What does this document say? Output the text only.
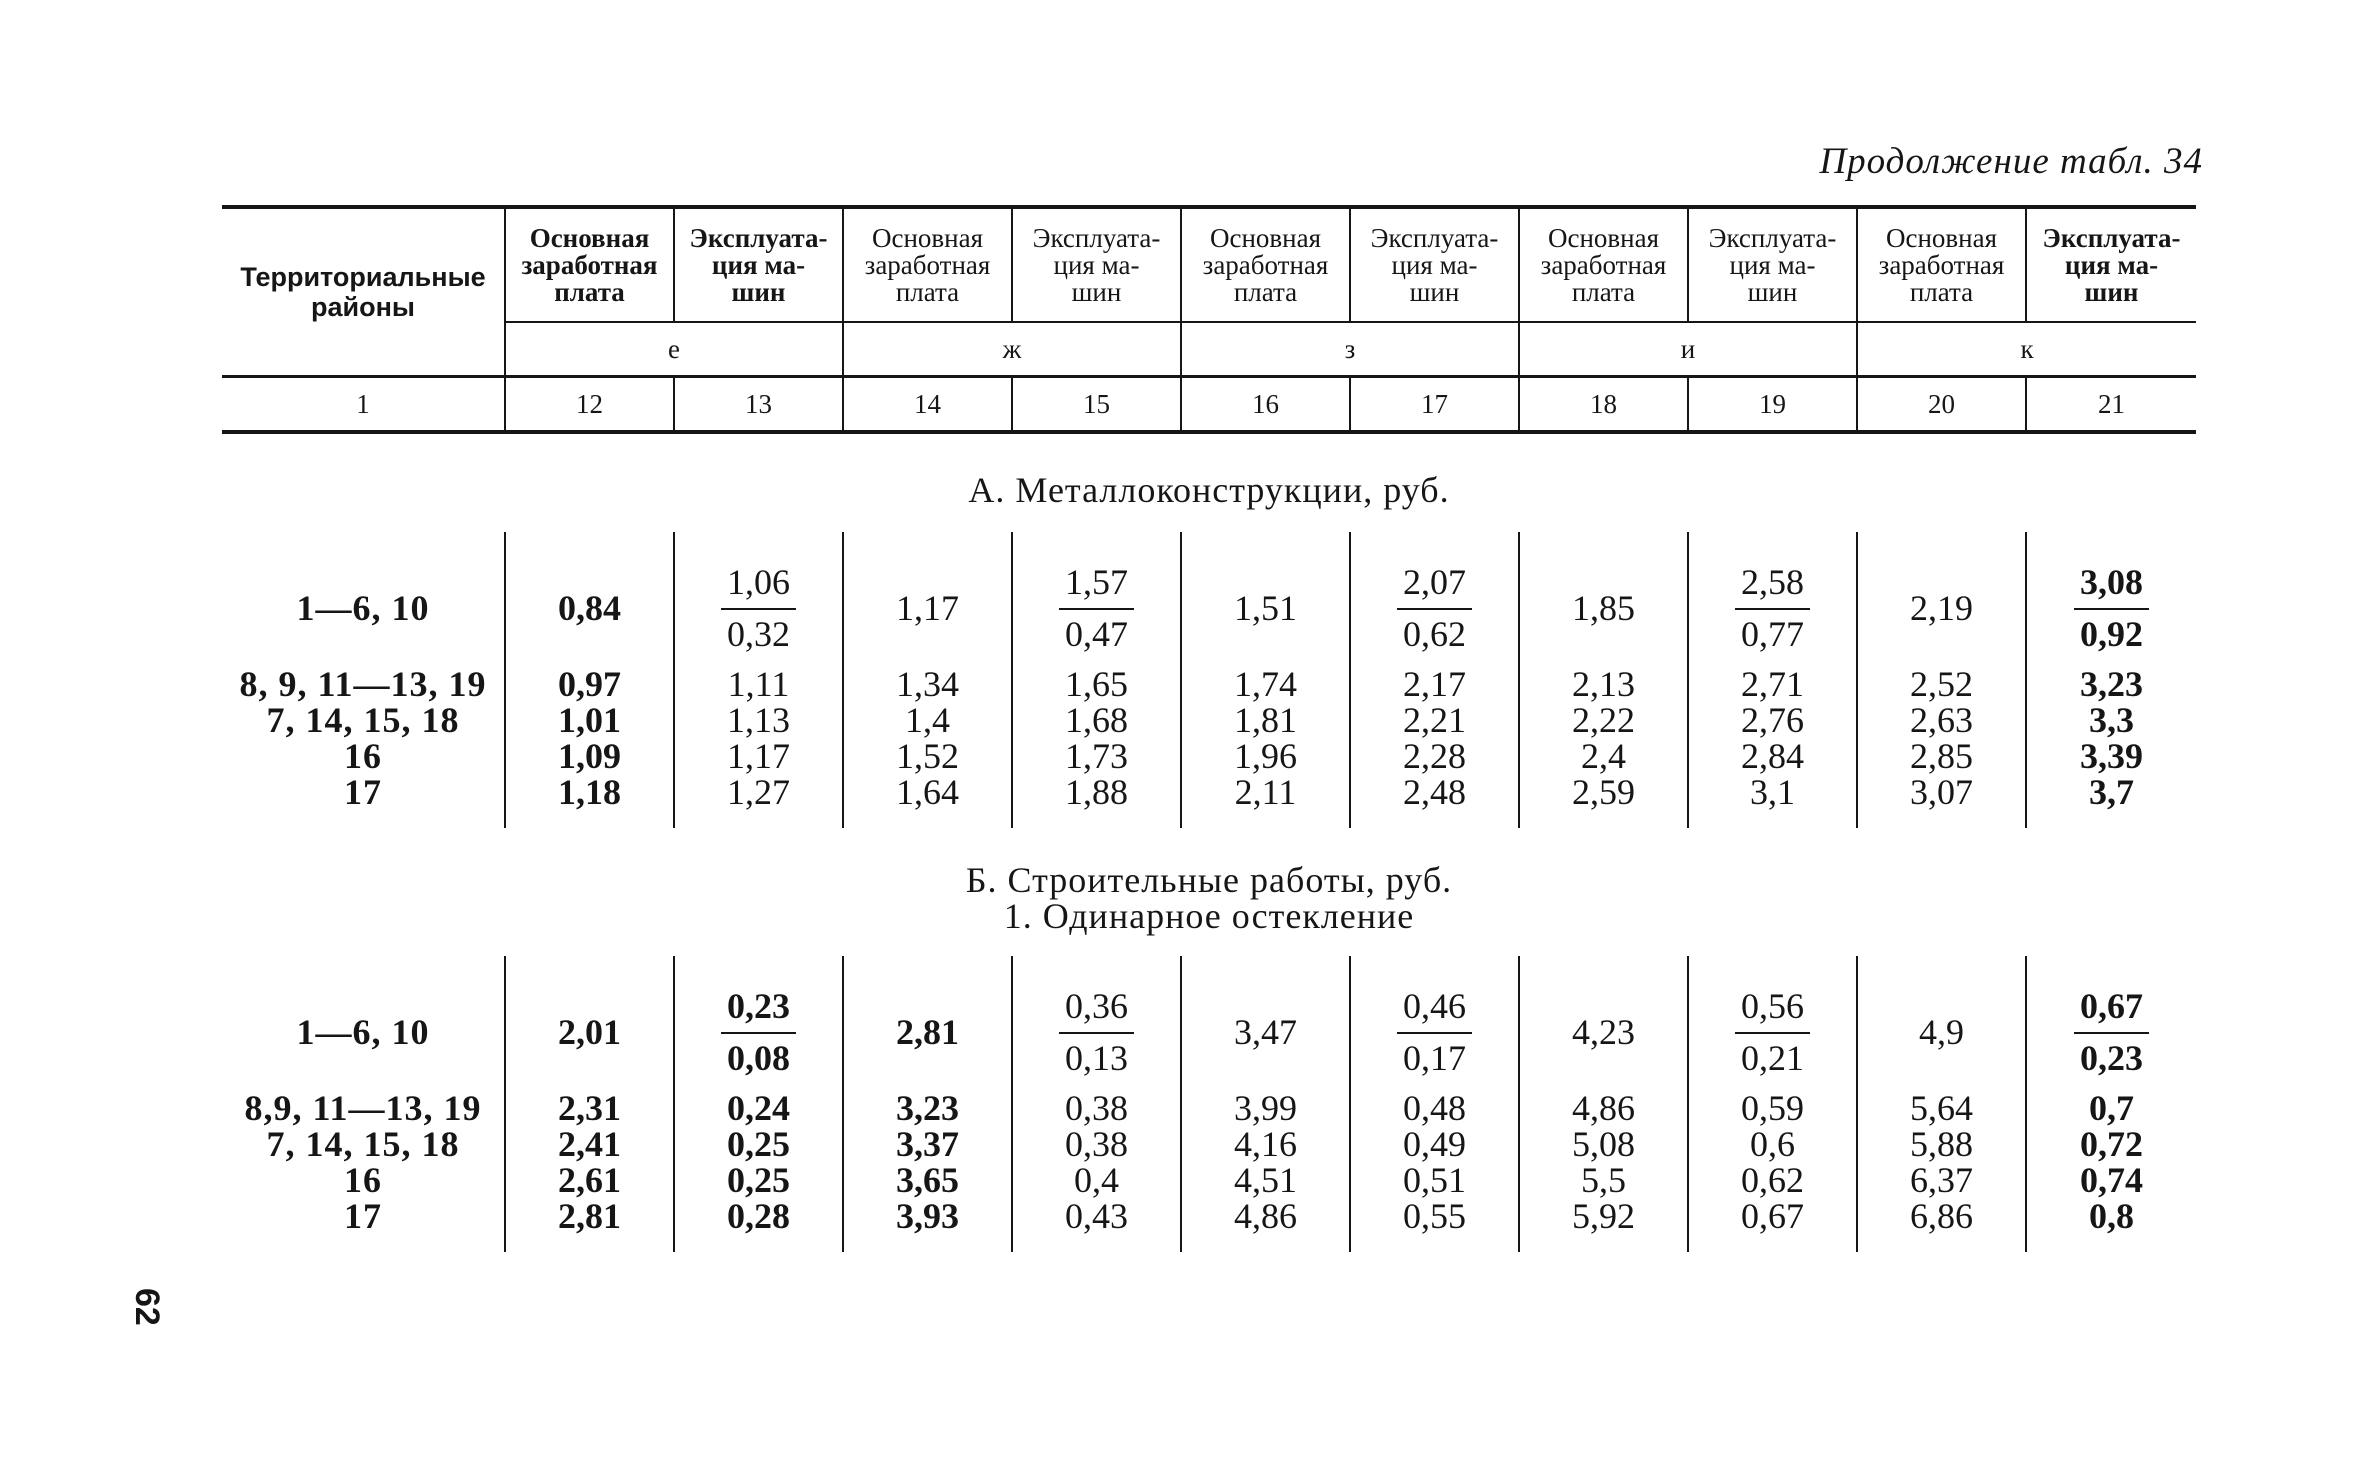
Продолжение табл. 34
Территориальные районы	Основная
заработная
плата	Эксплуата-
ция ма-
шин	Основная
заработная
плата	Эксплуата-
ция ма-
шин	Основная
заработная
плата	Эксплуата-
ция ма-
шин	Основная
заработная
плата	Эксплуата-
ция ма-
шин	Основная
заработная
плата	Эксплуата-
ция ма-
шин

	е		ж		з		и		к	
1	12	13	14	15	16	17	18	19	20	21

А. Металлоконструкции, руб.

1—6, 10	0,84	$\frac{1,06}{0,32}$	1,17	$\frac{1,57}{0,47}$	1,51	$\frac{2,07}{0,62}$	1,85	$\frac{2,58}{0,77}$	2,19	$\frac{3,08}{0,92}$

8, 9, 11—13, 19	0,97	1,11	1,34	1,65	1,74	2,17	2,13	2,71	2,52	3,23
7, 14, 15, 18	1,01	1,13	1,4	1,68	1,81	2,21	2,22	2,76	2,63	3,3
16	1,09	1,17	1,52	1,73	1,96	2,28	2,4	2,84	2,85	3,39
17	1,18	1,27	1,64	1,88	2,11	2,48	2,59	3,1	3,07	3,7

Б. Строительные работы, руб.

1. Одинарное остекление

1—6, 10	2,01	$\frac{0,23}{0,08}$	2,81	$\frac{0,36}{0,13}$	3,47	$\frac{0,46}{0,17}$	4,23	$\frac{0,56}{0,21}$	4,9	$\frac{0,67}{0,23}$

8,9, 11—13, 19	2,31	0,24	3,23	0,38	3,99	0,48	4,86	0,59	5,64	0,7
7, 14, 15, 18	2,41	0,25	3,37	0,38	4,16	0,49	5,08	0,6	5,88	0,72
16	2,61	0,25	3,65	0,4	4,51	0,51	5,5	0,62	6,37	0,74
17	2,81	0,28	3,93	0,43	4,86	0,55	5,92	0,67	6,86	0,8

62
